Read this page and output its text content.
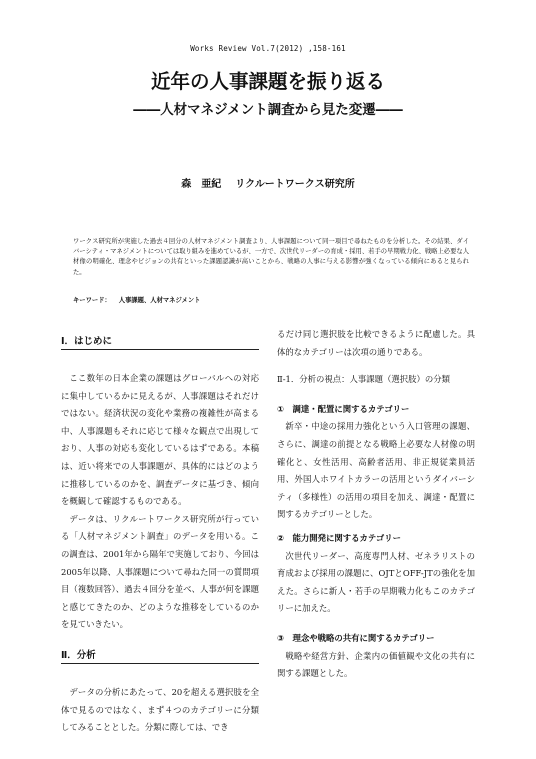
Works Review Vol.7(2012) ,158-161
近年の人事課題を振り返る
――人材マネジメント調査から見た変遷――
森　亜紀 リクルートワークス研究所
ワークス研究所が実施した過去４回分の人材マネジメント調査より、人事課題について同一項目で尋ねたものを分析した。その結果、ダイバーシティ・マネジメントについては取り組みを進めているが、一方で、次世代リーダーの育成・採用、若手の早期戦力化、戦略上必要な人材像の明確化、理念やビジョンの共有といった課題認識が高いことから、戦略の人事に与える影響が強くなっている傾向にあると見られた。
キーワード： 人事課題、人材マネジメント
Ⅰ．はじめに

ここ数年の日本企業の課題はグローバルへの対応に集中しているかに見えるが、人事課題はそれだけではない。経済状況の変化や業務の複雑性が高まる中、人事課題もそれに応じて様々な観点で出現しており、人事の対応も変化しているはずである。本稿は、近い将来での人事課題が、具体的にはどのように推移しているのかを、調査データに基づき、傾向を概観して確認するものである。

データは、リクルートワークス研究所が行っている「人材マネジメント調査」のデータを用いる。この調査は、2001年から隔年で実施しており、今回は2005年以降、人事課題について尋ねた同一の質問項目（複数回答）、過去４回分を並べ、人事が何を課題と感じてきたのか、どのような推移をしているのかを見ていきたい。

Ⅱ．分析

データの分析にあたって、20を超える選択肢を全体で見るのではなく、まず４つのカテゴリーに分類してみることとした。分類に際しては、でき

るだけ同じ選択肢を比較できるように配慮した。具体的なカテゴリーは次項の通りである。

Ⅱ-1．分析の視点：人事課題（選択肢）の分類

①　調達・配置に関するカテゴリー

新卒・中途の採用力強化という入口管理の課題、さらに、調達の前提となる戦略上必要な人材像の明確化と、女性活用、高齢者活用、非正規従業員活用、外国人ホワイトカラーの活用というダイバーシティ（多様性）の活用の項目を加え、調達・配置に関するカテゴリーとした。

②　能力開発に関するカテゴリー

次世代リーダー、高度専門人材、ゼネラリストの育成および採用の課題に、OJTとOFF-JTの強化を加えた。さらに新人・若手の早期戦力化もこのカテゴリーに加えた。

③　理念や戦略の共有に関するカテゴリー

戦略や経営方針、企業内の価値観や文化の共有に関する課題とした。
